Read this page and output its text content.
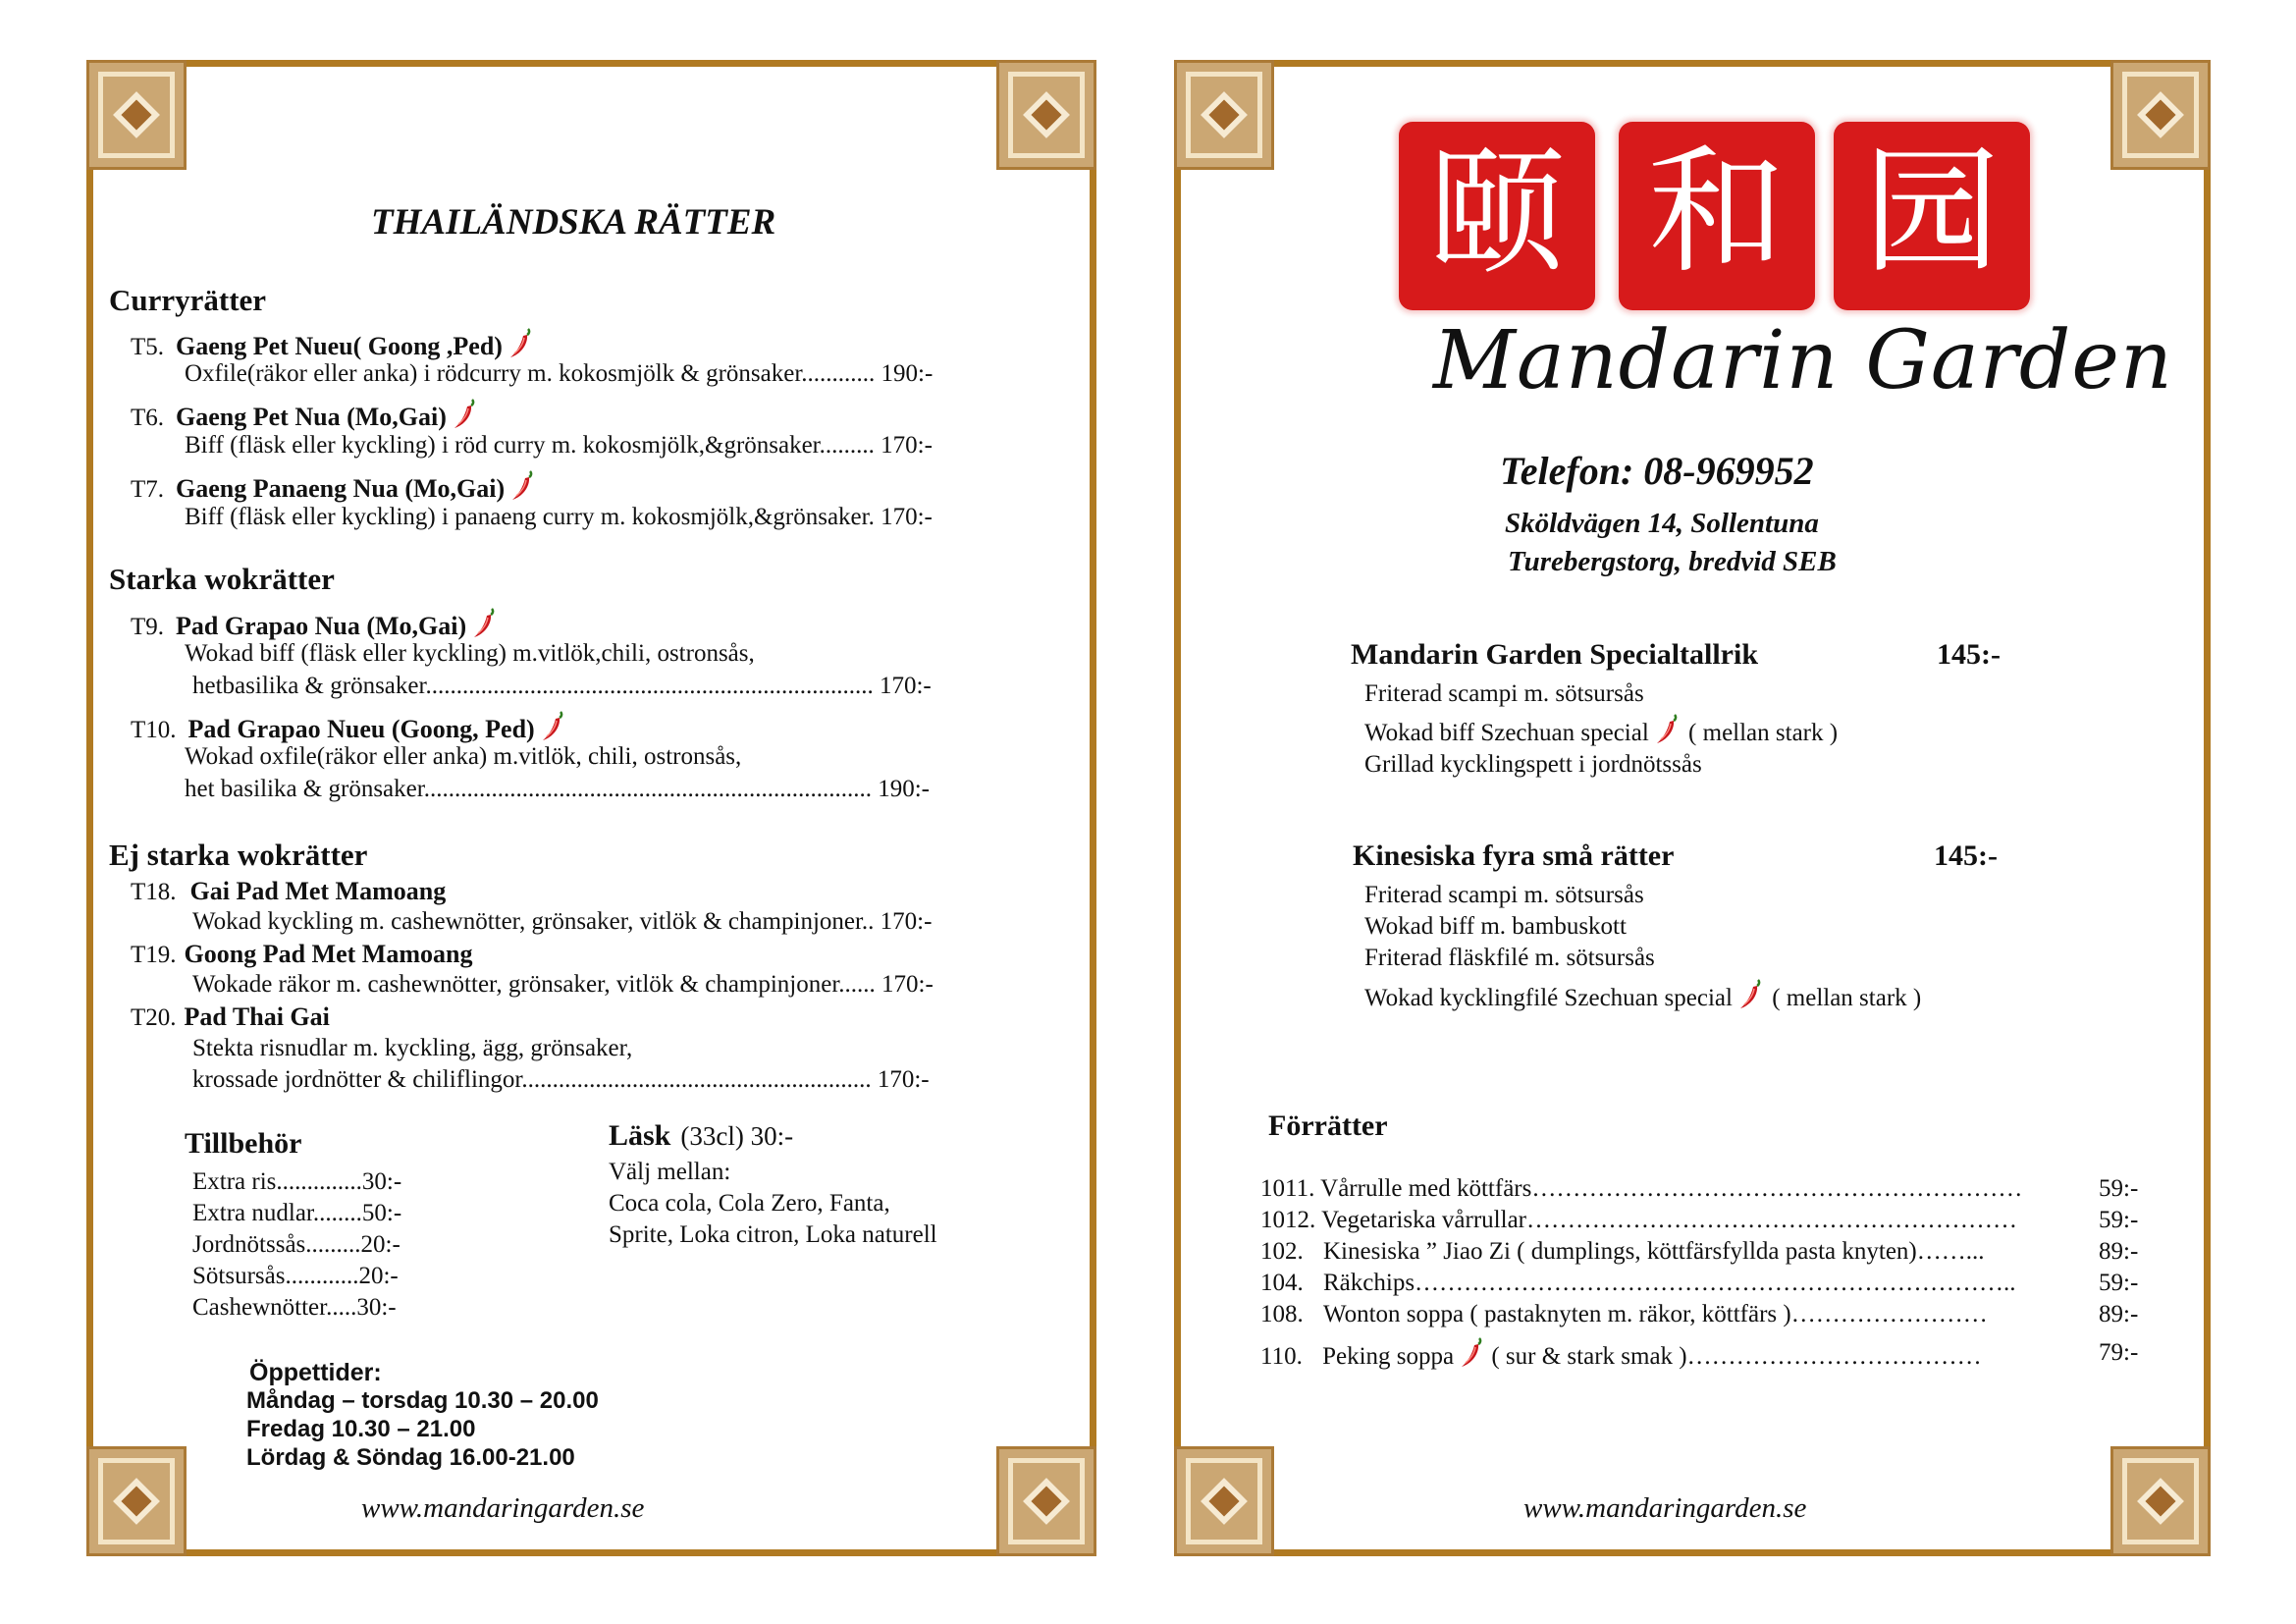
THAILÄNDSKA RÄTTER
Curryrätter
T5. Gaeng Pet Nueu( Goong ,Ped)
Oxfile(räkor eller anka) i rödcurry m. kokosmjölk & grönsaker............ 190:-
T6. Gaeng Pet Nua (Mo,Gai)
Biff (fläsk eller kyckling) i röd curry m. kokosmjölk,&grönsaker......... 170:-
T7. Gaeng Panaeng Nua (Mo,Gai)
Biff (fläsk eller kyckling) i panaeng curry m. kokosmjölk,&grönsaker. 170:-
Starka wokrätter
T9. Pad Grapao Nua (Mo,Gai)
Wokad biff (fläsk eller kyckling) m.vitlök,chili, ostronsås,
hetbasilika & grönsaker......................................................................... 170:-
T10. Pad Grapao Nueu (Goong, Ped)
Wokad oxfile(räkor eller anka) m.vitlök, chili, ostronsås,
het basilika & grönsaker......................................................................... 190:-
Ej starka wokrätter
T18. Gai Pad Met Mamoang
Wokad kyckling m. cashewnötter, grönsaker, vitlök & champinjoner.. 170:-
T19. Goong Pad Met Mamoang
Wokade räkor m. cashewnötter, grönsaker, vitlök & champinjoner...... 170:-
T20. Pad Thai Gai
Stekta risnudlar m. kyckling, ägg, grönsaker,
krossade jordnötter & chiliflingor......................................................... 170:-
Tillbehör
Extra ris..............30:-
Extra nudlar........50:-
Jordnötssås.........20:-
Sötsursås............20:-
Cashewnötter.....30:-
Läsk (33cl) 30:-
Välj mellan:
Coca cola, Cola Zero, Fanta,
Sprite, Loka citron, Loka naturell
Öppettider:
Måndag – torsdag 10.30 – 20.00
Fredag 10.30 – 21.00
Lördag & Söndag 16.00-21.00
www.mandaringarden.se
颐 和 园
Mandarin Garden
Telefon: 08-969952
Sköldvägen 14, Sollentuna
Turebergstorg, bredvid SEB
Mandarin Garden Specialtallrik	145:-
Friterad scampi m. sötsursås
Wokad biff Szechuan special ( mellan stark )
Grillad kycklingspett i jordnötssås
Kinesiska fyra små rätter	145:-
Friterad scampi m. sötsursås
Wokad biff m. bambuskott
Friterad fläskfilé m. sötsursås
Wokad kycklingfilé Szechuan special ( mellan stark )
Förrätter
1011. Vårrulle med köttfärs……………………………………………………	59:-
1012. Vegetariska vårrullar……………………………………………………	59:-
102. Kinesiska ” Jiao Zi ( dumplings, köttfärsfyllda pasta knyten)……...	89:-
104. Räkchips………………………………………………………………..	59:-
108. Wonton soppa ( pastaknyten m. räkor, köttfärs )……………………	89:-
110. Peking soppa ( sur & stark smak )………………………………	79:-
www.mandaringarden.se
